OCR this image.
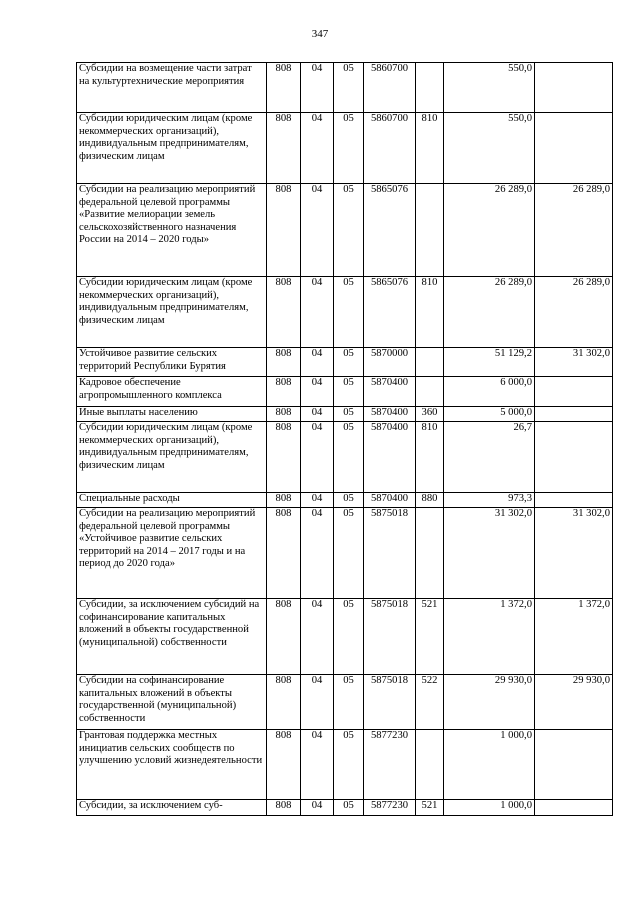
347
Субсидии на возмещение части затрат на культуртехнические мероприятия	808	04	05	5860700		550,0	
Субсидии юридическим лицам (кроме некоммерческих организаций), индивидуальным предпринимателям, физическим лицам	808	04	05	5860700	810	550,0	
Субсидии на реализацию мероприятий федеральной целевой программы «Развитие мелиорации земель сельскохозяйственного назначения России на 2014 – 2020 годы»	808	04	05	5865076		26 289,0	26 289,0
Субсидии юридическим лицам (кроме некоммерческих организаций), индивидуальным предпринимателям, физическим лицам	808	04	05	5865076	810	26 289,0	26 289,0
Устойчивое развитие сельских территорий Республики Бурятия	808	04	05	5870000		51 129,2	31 302,0
Кадровое обеспечение агропромышленного комплекса	808	04	05	5870400		6 000,0	
Иные выплаты населению	808	04	05	5870400	360	5 000,0	
Субсидии юридическим лицам (кроме некоммерческих организаций), индивидуальным предпринимателям, физическим лицам	808	04	05	5870400	810	26,7	
Специальные расходы	808	04	05	5870400	880	973,3	
Субсидии на реализацию мероприятий федеральной целевой программы «Устойчивое развитие сельских территорий на 2014 – 2017 годы и на период до 2020 года»	808	04	05	5875018		31 302,0	31 302,0
Субсидии, за исключением субсидий на софинансирование капитальных вложений в объекты государственной (муниципальной) собственности	808	04	05	5875018	521	1 372,0	1 372,0
Субсидии на софинансирование капитальных вложений в объекты государственной (муниципальной) собственности	808	04	05	5875018	522	29 930,0	29 930,0
Грантовая поддержка местных инициатив сельских сообществ по улучшению условий жизнедеятельности	808	04	05	5877230		1 000,0	
Субсидии, за исключением суб-	808	04	05	5877230	521	1 000,0	
